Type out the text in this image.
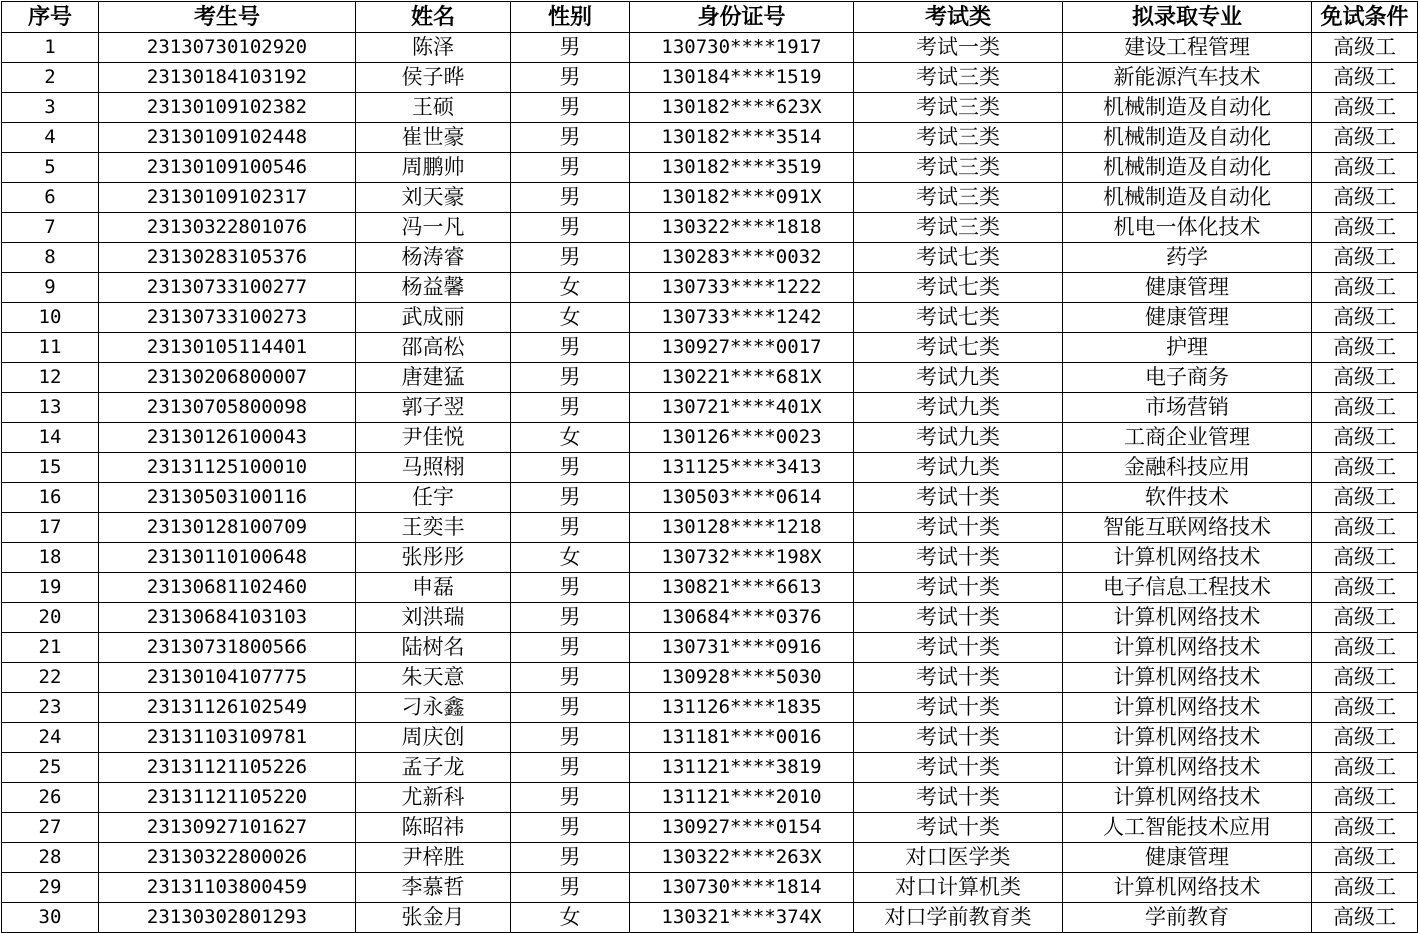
序号	考生号	姓名	性别	身份证号	考试类	拟录取专业	免试条件
1	23130730102920	陈泽	男	130730****1917	考试一类	建设工程管理	高级工
2	23130184103192	侯子晔	男	130184****1519	考试三类	新能源汽车技术	高级工
3	23130109102382	王硕	男	130182****623X	考试三类	机械制造及自动化	高级工
4	23130109102448	崔世豪	男	130182****3514	考试三类	机械制造及自动化	高级工
5	23130109100546	周鹏帅	男	130182****3519	考试三类	机械制造及自动化	高级工
6	23130109102317	刘天豪	男	130182****091X	考试三类	机械制造及自动化	高级工
7	23130322801076	冯一凡	男	130322****1818	考试三类	机电一体化技术	高级工
8	23130283105376	杨涛睿	男	130283****0032	考试七类	药学	高级工
9	23130733100277	杨益馨	女	130733****1222	考试七类	健康管理	高级工
10	23130733100273	武成丽	女	130733****1242	考试七类	健康管理	高级工
11	23130105114401	邵高松	男	130927****0017	考试七类	护理	高级工
12	23130206800007	唐建猛	男	130221****681X	考试九类	电子商务	高级工
13	23130705800098	郭子翌	男	130721****401X	考试九类	市场营销	高级工
14	23130126100043	尹佳悦	女	130126****0023	考试九类	工商企业管理	高级工
15	23131125100010	马照栩	男	131125****3413	考试九类	金融科技应用	高级工
16	23130503100116	任宇	男	130503****0614	考试十类	软件技术	高级工
17	23130128100709	王奕丰	男	130128****1218	考试十类	智能互联网络技术	高级工
18	23130110100648	张彤彤	女	130732****198X	考试十类	计算机网络技术	高级工
19	23130681102460	申磊	男	130821****6613	考试十类	电子信息工程技术	高级工
20	23130684103103	刘洪瑞	男	130684****0376	考试十类	计算机网络技术	高级工
21	23130731800566	陆树名	男	130731****0916	考试十类	计算机网络技术	高级工
22	23130104107775	朱天意	男	130928****5030	考试十类	计算机网络技术	高级工
23	23131126102549	刁永鑫	男	131126****1835	考试十类	计算机网络技术	高级工
24	23131103109781	周庆创	男	131181****0016	考试十类	计算机网络技术	高级工
25	23131121105226	孟子龙	男	131121****3819	考试十类	计算机网络技术	高级工
26	23131121105220	尤新科	男	131121****2010	考试十类	计算机网络技术	高级工
27	23130927101627	陈昭祎	男	130927****0154	考试十类	人工智能技术应用	高级工
28	23130322800026	尹梓胜	男	130322****263X	对口医学类	健康管理	高级工
29	23131103800459	李慕哲	男	130730****1814	对口计算机类	计算机网络技术	高级工
30	23130302801293	张金月	女	130321****374X	对口学前教育类	学前教育	高级工
